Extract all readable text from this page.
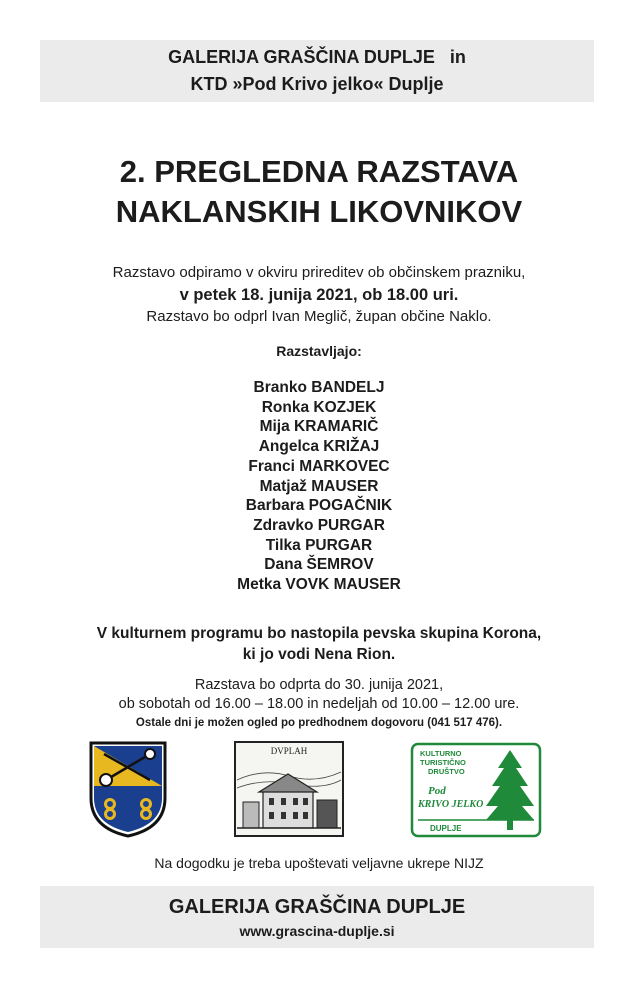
GALERIJA GRAŠČINA DUPLJE   in
KTD »Pod Krivo jelko« Duplje
2. PREGLEDNA RAZSTAVA
NAKLANSKIH LIKOVNIKOV
Razstavo odpiramo v okviru prireditev ob občinskem prazniku,
v petek 18. junija 2021, ob 18.00 uri.
Razstavo bo odprl Ivan Meglič, župan občine Naklo.
Razstavljajo:
Branko BANDELJ
Ronka KOZJEK
Mija KRAMARIČ
Angelca KRIŽAJ
Franci MARKOVEC
Matjaž MAUSER
Barbara POGAČNIK
Zdravko PURGAR
Tilka PURGAR
Dana ŠEMROV
Metka VOVK MAUSER
V kulturnem programu bo nastopila pevska skupina Korona,
ki jo vodi Nena Rion.
Razstava bo odprta do 30. junija 2021,
ob sobotah od 16.00 – 18.00 in nedeljah od 10.00 – 12.00 ure.
Ostale dni je možen ogled po predhodnem dogovoru (041 517 476).
DVPLAH	KULTURNO
TURISTIČNO
DRUŠTVO
Pod
KRIVO JELKO
DUPLJE
Na dogodku je treba upoštevati veljavne ukrepe NIJZ
GALERIJA GRAŠČINA DUPLJE
www.grascina-duplje.si
